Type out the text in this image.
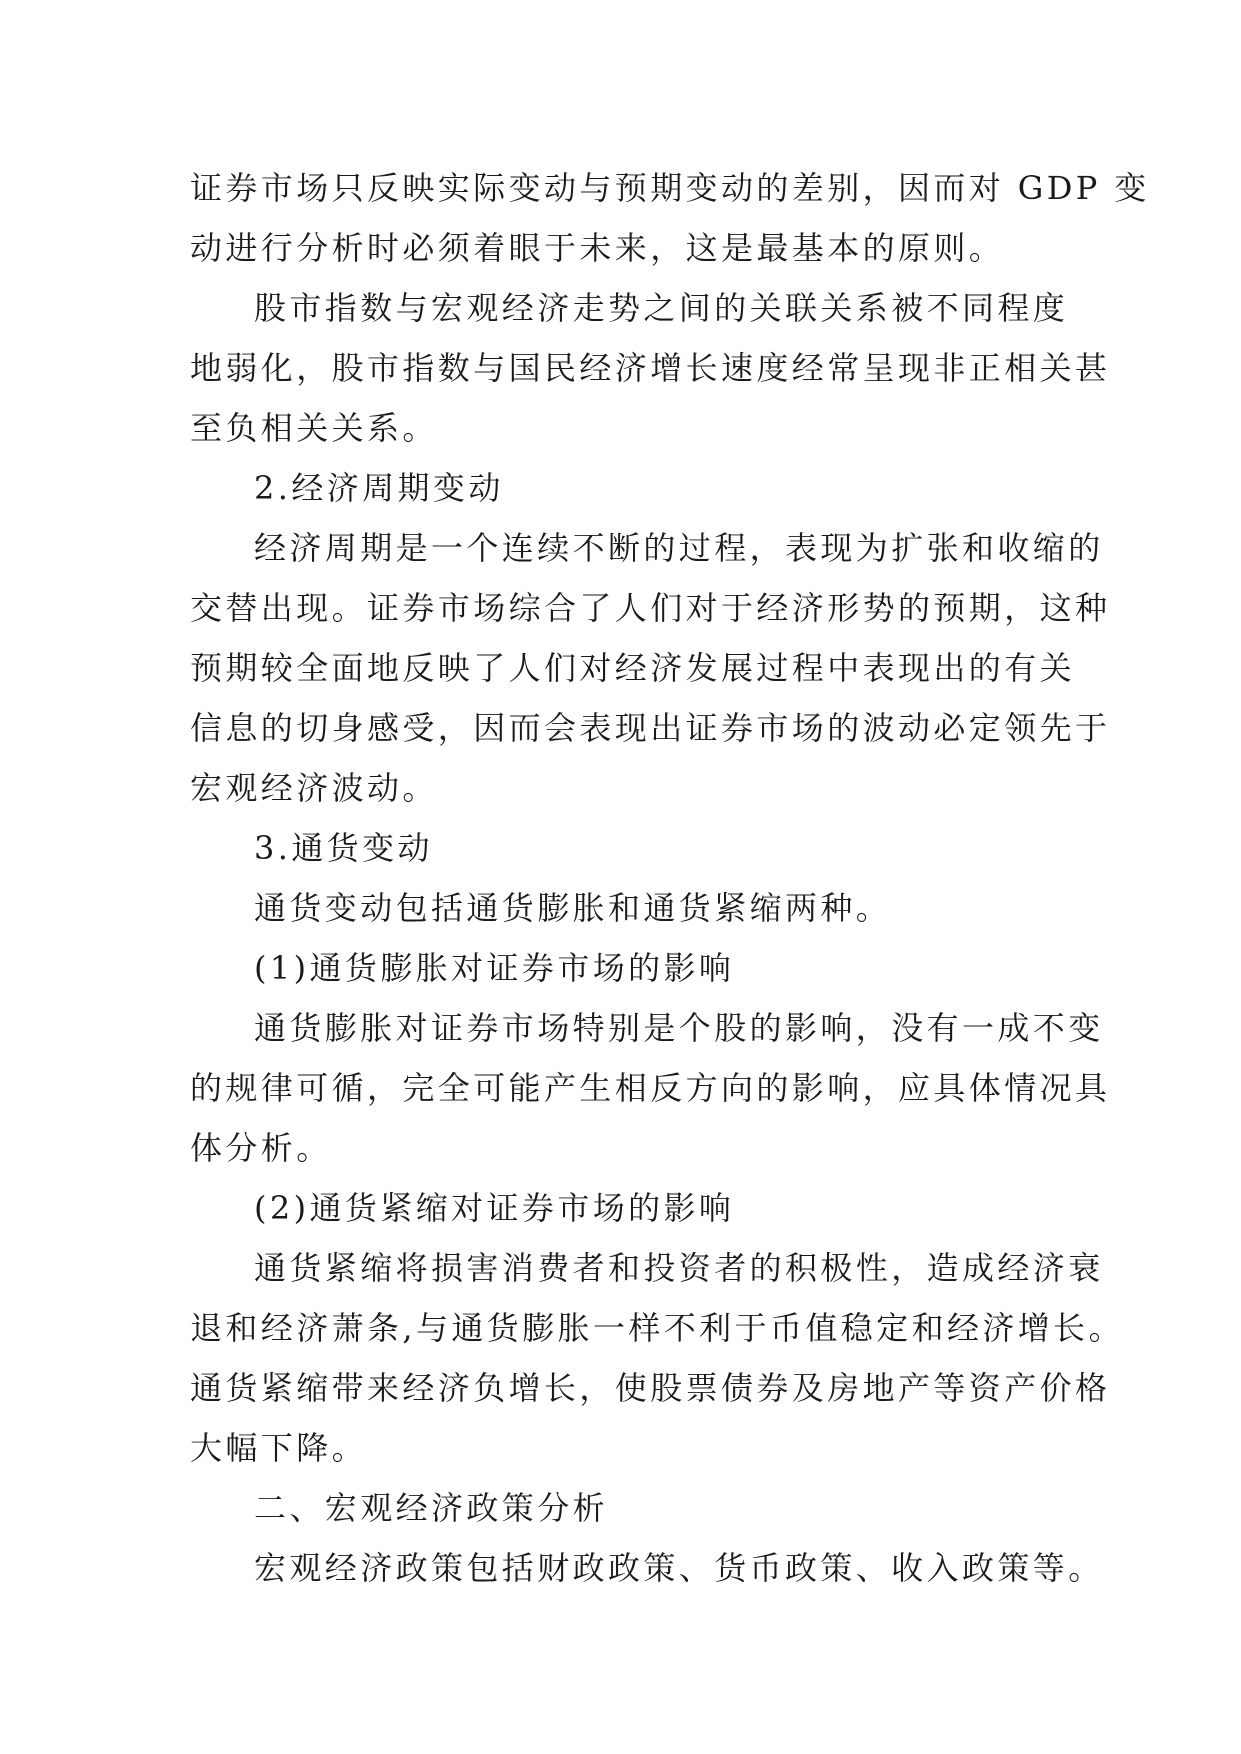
证券市场只反映实际变动与预期变动的差别，因而对 GDP 变
动进行分析时必须着眼于未来，这是最基本的原则。
股市指数与宏观经济走势之间的关联关系被不同程度
地弱化，股市指数与国民经济增长速度经常呈现非正相关甚
至负相关关系。
2.经济周期变动
经济周期是一个连续不断的过程，表现为扩张和收缩的
交替出现。证券市场综合了人们对于经济形势的预期，这种
预期较全面地反映了人们对经济发展过程中表现出的有关
信息的切身感受，因而会表现出证券市场的波动必定领先于
宏观经济波动。
3.通货变动
通货变动包括通货膨胀和通货紧缩两种。
(1)通货膨胀对证券市场的影响
通货膨胀对证券市场特别是个股的影响，没有一成不变
的规律可循，完全可能产生相反方向的影响，应具体情况具
体分析。
(2)通货紧缩对证券市场的影响
通货紧缩将损害消费者和投资者的积极性，造成经济衰
退和经济萧条,与通货膨胀一样不利于币值稳定和经济增长。
通货紧缩带来经济负增长，使股票债券及房地产等资产价格
大幅下降。
二、宏观经济政策分析
宏观经济政策包括财政政策、货币政策、收入政策等。
